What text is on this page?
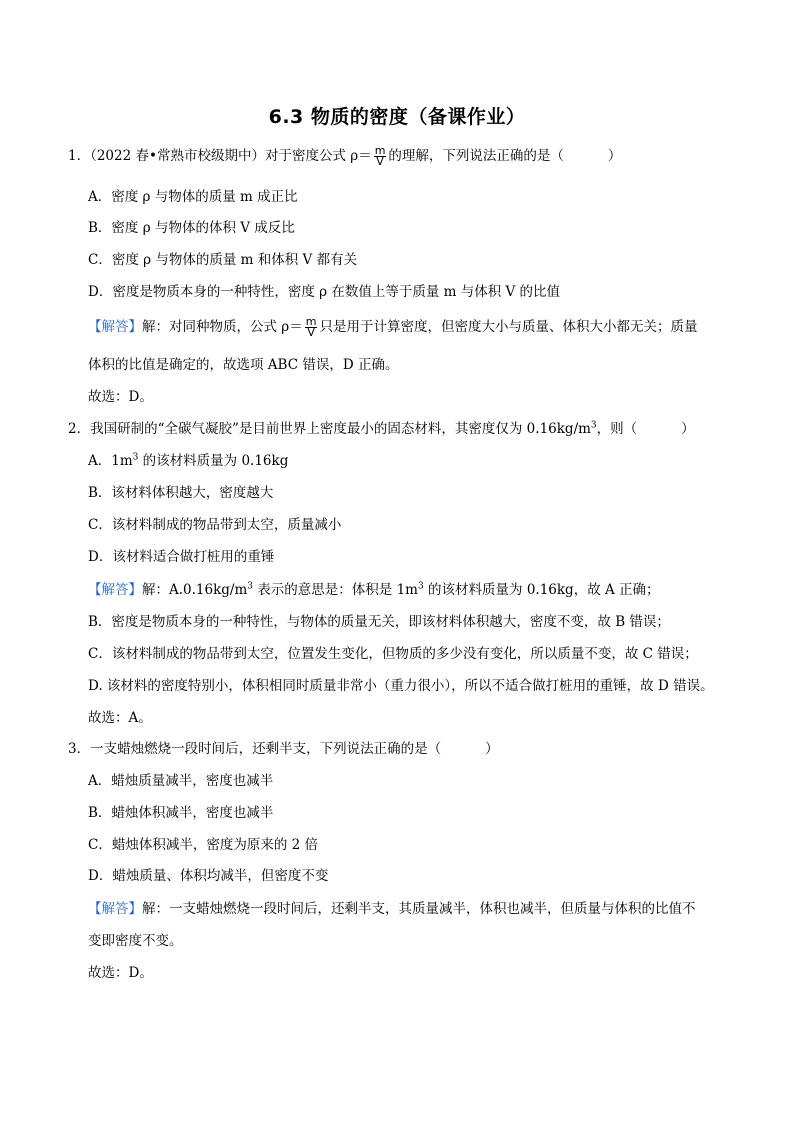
6.3 物质的密度（备课作业）
1．（2022 春•常熟市校级期中）对于密度公式 $\rho= \frac{m}{V}$ 的理解，下列说法正确的是（	）
A．密度 ρ 与物体的质量 m 成正比
B．密度 ρ 与物体的体积 V 成反比
C．密度 ρ 与物体的质量 m 和体积 V 都有关
D．密度是物质本身的一种特性，密度 ρ 在数值上等于质量 m 与体积 V 的比值
【解答】解：对同种物质，公式 $\rho= \frac{m}{V}$ 只是用于计算密度，但密度大小与质量、体积大小都无关；质量
体积的比值是确定的，故选项 ABC 错误，D 正确。
故选：D。
2．我国研制的“全碳气凝胶”是目前世界上密度最小的固态材料，其密度仅为 $0.16kg/m^3$，则（	）
A．$1m^3$ 的该材料质量为 0.16kg
B．该材料体积越大，密度越大
C．该材料制成的物品带到太空，质量减小
D．该材料适合做打桩用的重锤
【解答】解：$A.0.16kg/m^3$ 表示的意思是：体积是 $1m^3$ 的该材料质量为 0.16kg，故 A 正确；
B．密度是物质本身的一种特性，与物体的质量无关，即该材料体积越大，密度不变，故 B 错误；
C．该材料制成的物品带到太空，位置发生变化，但物质的多少没有变化，所以质量不变，故 C 错误；
D. 该材料的密度特别小，体积相同时质量非常小（重力很小），所以不适合做打桩用的重锤，故 D 错误。
故选：A。
3．一支蜡烛燃烧一段时间后，还剩半支，下列说法正确的是（	）
A．蜡烛质量减半，密度也减半
B．蜡烛体积减半，密度也减半
C．蜡烛体积减半，密度为原来的 2 倍
D．蜡烛质量、体积均减半，但密度不变
【解答】解：一支蜡烛燃烧一段时间后，还剩半支，其质量减半，体积也减半，但质量与体积的比值不
变即密度不变。
故选：D。
